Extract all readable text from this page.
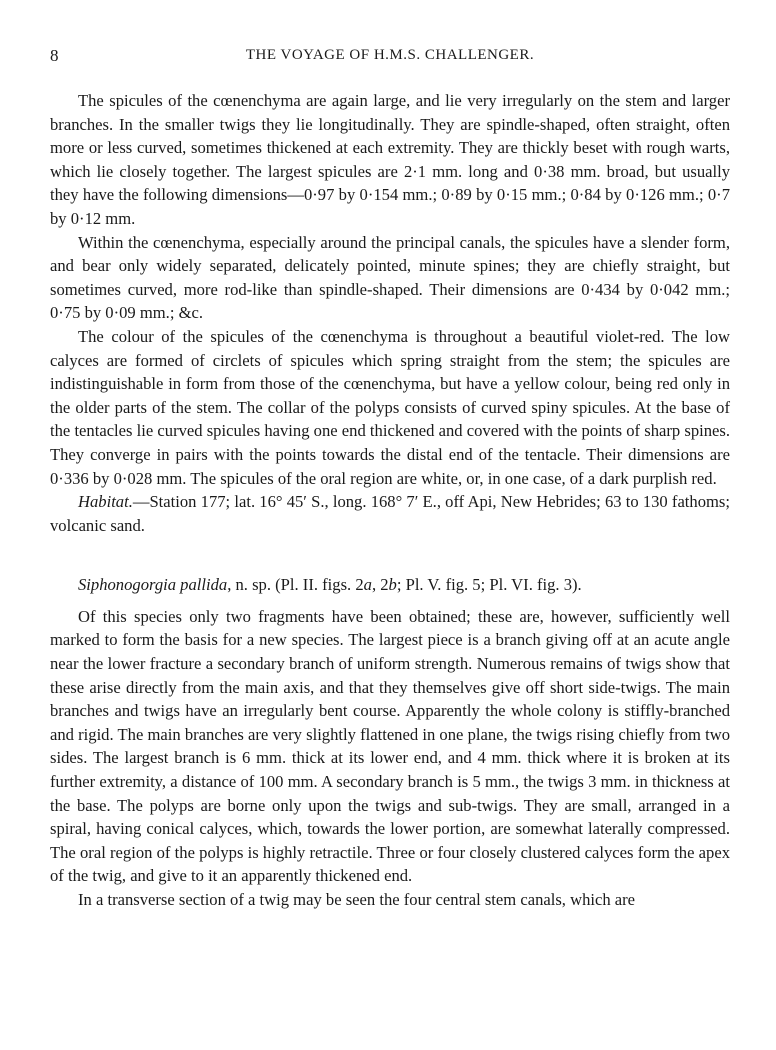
8	THE VOYAGE OF H.M.S. CHALLENGER.

The spicules of the cœnenchyma are again large, and lie very irregularly on the stem and larger branches. In the smaller twigs they lie longitudinally. They are spindle-shaped, often straight, often more or less curved, sometimes thickened at each extremity. They are thickly beset with rough warts, which lie closely together. The largest spicules are 2·1 mm. long and 0·38 mm. broad, but usually they have the following dimensions—0·97 by 0·154 mm.; 0·89 by 0·15 mm.; 0·84 by 0·126 mm.; 0·7 by 0·12 mm.

Within the cœnenchyma, especially around the principal canals, the spicules have a slender form, and bear only widely separated, delicately pointed, minute spines; they are chiefly straight, but sometimes curved, more rod-like than spindle-shaped. Their dimensions are 0·434 by 0·042 mm.; 0·75 by 0·09 mm.; &c.

The colour of the spicules of the cœnenchyma is throughout a beautiful violet-red. The low calyces are formed of circlets of spicules which spring straight from the stem; the spicules are indistinguishable in form from those of the cœnenchyma, but have a yellow colour, being red only in the older parts of the stem. The collar of the polyps consists of curved spiny spicules. At the base of the tentacles lie curved spicules having one end thickened and covered with the points of sharp spines. They converge in pairs with the points towards the distal end of the tentacle. Their dimensions are 0·336 by 0·028 mm. The spicules of the oral region are white, or, in one case, of a dark purplish red.

Habitat.—Station 177; lat. 16° 45′ S., long. 168° 7′ E., off Api, New Hebrides; 63 to 130 fathoms; volcanic sand.

Siphonogorgia pallida, n. sp. (Pl. II. figs. 2a, 2b; Pl. V. fig. 5; Pl. VI. fig. 3).

Of this species only two fragments have been obtained; these are, however, sufficiently well marked to form the basis for a new species. The largest piece is a branch giving off at an acute angle near the lower fracture a secondary branch of uniform strength. Numerous remains of twigs show that these arise directly from the main axis, and that they themselves give off short side-twigs. The main branches and twigs have an irregularly bent course. Apparently the whole colony is stiffly-branched and rigid. The main branches are very slightly flattened in one plane, the twigs rising chiefly from two sides. The largest branch is 6 mm. thick at its lower end, and 4 mm. thick where it is broken at its further extremity, a distance of 100 mm. A secondary branch is 5 mm., the twigs 3 mm. in thickness at the base. The polyps are borne only upon the twigs and sub-twigs. They are small, arranged in a spiral, having conical calyces, which, towards the lower portion, are somewhat laterally compressed. The oral region of the polyps is highly retractile. Three or four closely clustered calyces form the apex of the twig, and give to it an apparently thickened end.

In a transverse section of a twig may be seen the four central stem canals, which are
